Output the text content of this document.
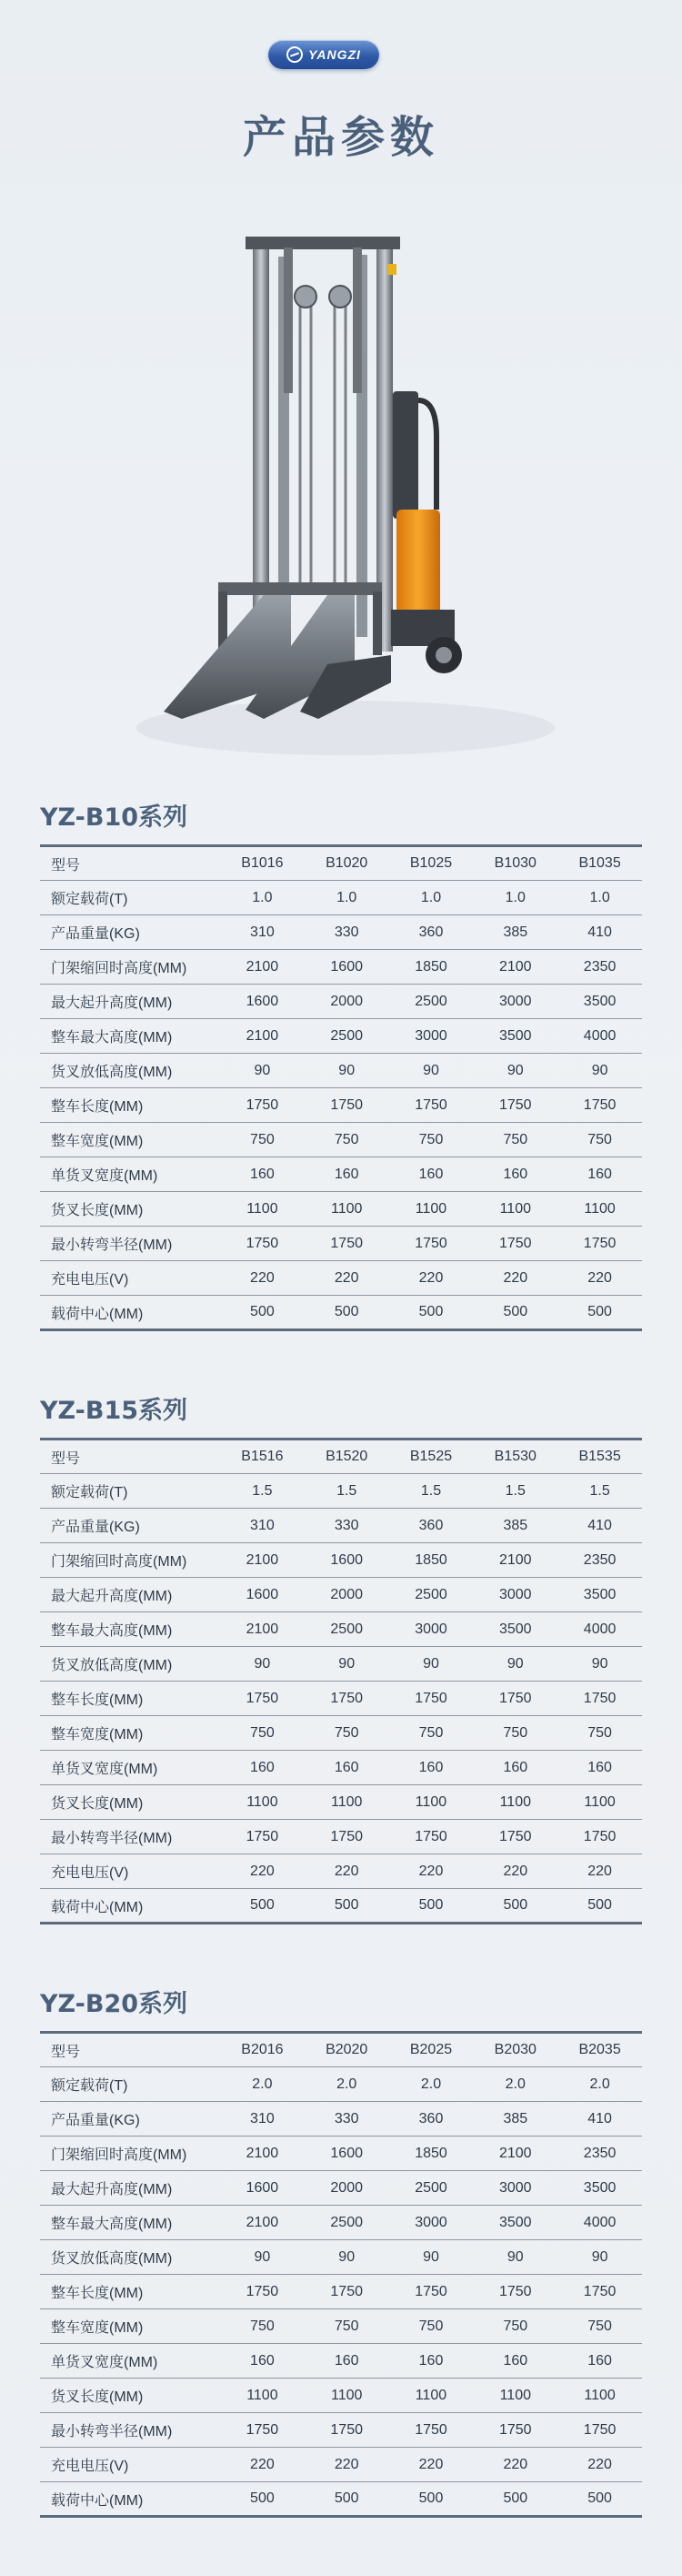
YANGZI
产品参数
YZ-B10系列
型号	B1016	B1020	B1025	B1030	B1035
额定载荷(T)	1.0	1.0	1.0	1.0	1.0
产品重量(KG)	310	330	360	385	410
门架缩回时高度(MM)	2100	1600	1850	2100	2350
最大起升高度(MM)	1600	2000	2500	3000	3500
整车最大高度(MM)	2100	2500	3000	3500	4000
货叉放低高度(MM)	90	90	90	90	90
整车长度(MM)	1750	1750	1750	1750	1750
整车宽度(MM)	750	750	750	750	750
单货叉宽度(MM)	160	160	160	160	160
货叉长度(MM)	1100	1100	1100	1100	1100
最小转弯半径(MM)	1750	1750	1750	1750	1750
充电电压(V)	220	220	220	220	220
载荷中心(MM)	500	500	500	500	500
YZ-B15系列
型号	B1516	B1520	B1525	B1530	B1535
额定载荷(T)	1.5	1.5	1.5	1.5	1.5
产品重量(KG)	310	330	360	385	410
门架缩回时高度(MM)	2100	1600	1850	2100	2350
最大起升高度(MM)	1600	2000	2500	3000	3500
整车最大高度(MM)	2100	2500	3000	3500	4000
货叉放低高度(MM)	90	90	90	90	90
整车长度(MM)	1750	1750	1750	1750	1750
整车宽度(MM)	750	750	750	750	750
单货叉宽度(MM)	160	160	160	160	160
货叉长度(MM)	1100	1100	1100	1100	1100
最小转弯半径(MM)	1750	1750	1750	1750	1750
充电电压(V)	220	220	220	220	220
载荷中心(MM)	500	500	500	500	500
YZ-B20系列
型号	B2016	B2020	B2025	B2030	B2035
额定载荷(T)	2.0	2.0	2.0	2.0	2.0
产品重量(KG)	310	330	360	385	410
门架缩回时高度(MM)	2100	1600	1850	2100	2350
最大起升高度(MM)	1600	2000	2500	3000	3500
整车最大高度(MM)	2100	2500	3000	3500	4000
货叉放低高度(MM)	90	90	90	90	90
整车长度(MM)	1750	1750	1750	1750	1750
整车宽度(MM)	750	750	750	750	750
单货叉宽度(MM)	160	160	160	160	160
货叉长度(MM)	1100	1100	1100	1100	1100
最小转弯半径(MM)	1750	1750	1750	1750	1750
充电电压(V)	220	220	220	220	220
载荷中心(MM)	500	500	500	500	500
